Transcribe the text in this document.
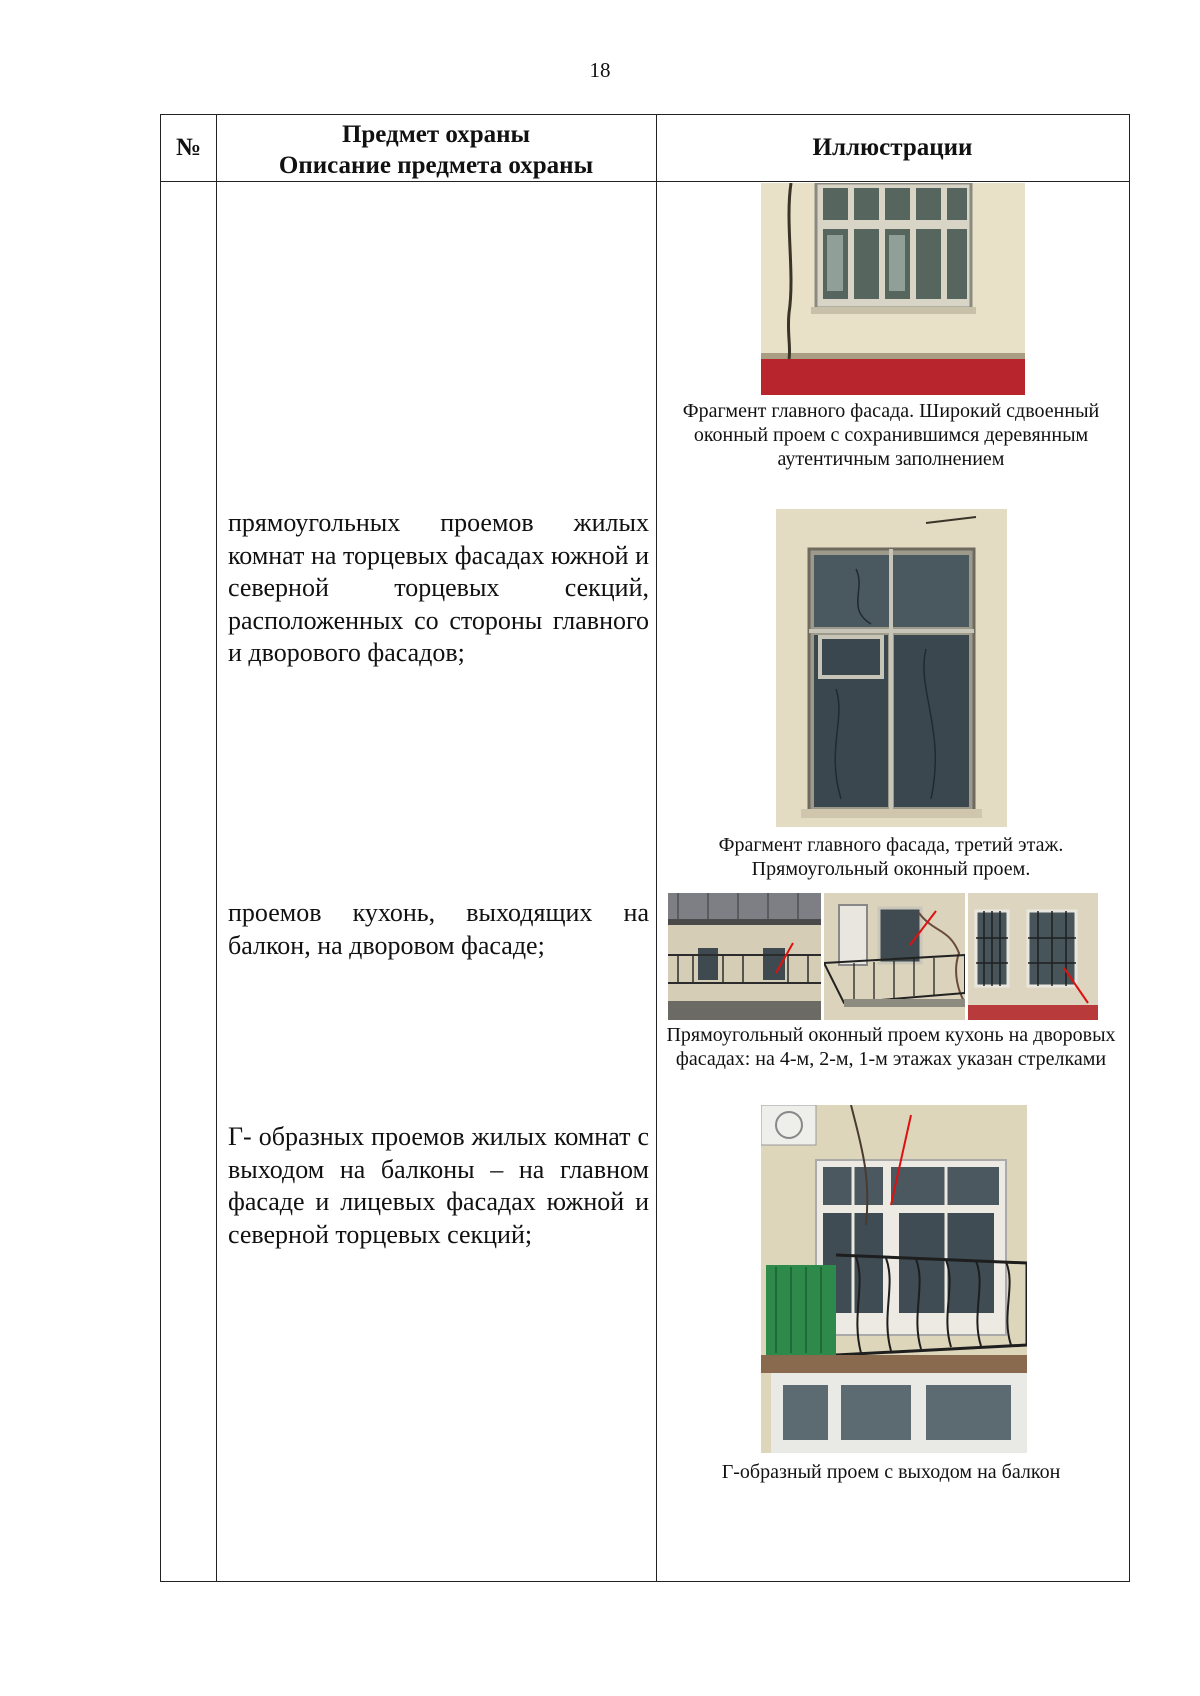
18
№	Предмет охраны
Описание предмета охраны
Иллюстрации
прямоугольных проемов жилых комнат на торцевых фасадах южной и северной торцевых секций, расположенных со стороны главного и дворового фасадов;
проемов кухонь, выходящих на балкон, на дворовом фасаде;
Г- образных проемов жилых комнат с выходом на балконы – на главном фасаде и лицевых фасадах южной и северной торцевых секций;
Фрагмент главного фасада. Широкий сдвоенный оконный проем с сохранившимся деревянным аутентичным заполнением
Фрагмент главного фасада, третий этаж. Прямоугольный оконный проем.
Прямоугольный оконный проем кухонь на дворовых фасадах: на 4-м, 2-м, 1-м этажах указан стрелками
Г-образный проем с выходом на балкон
